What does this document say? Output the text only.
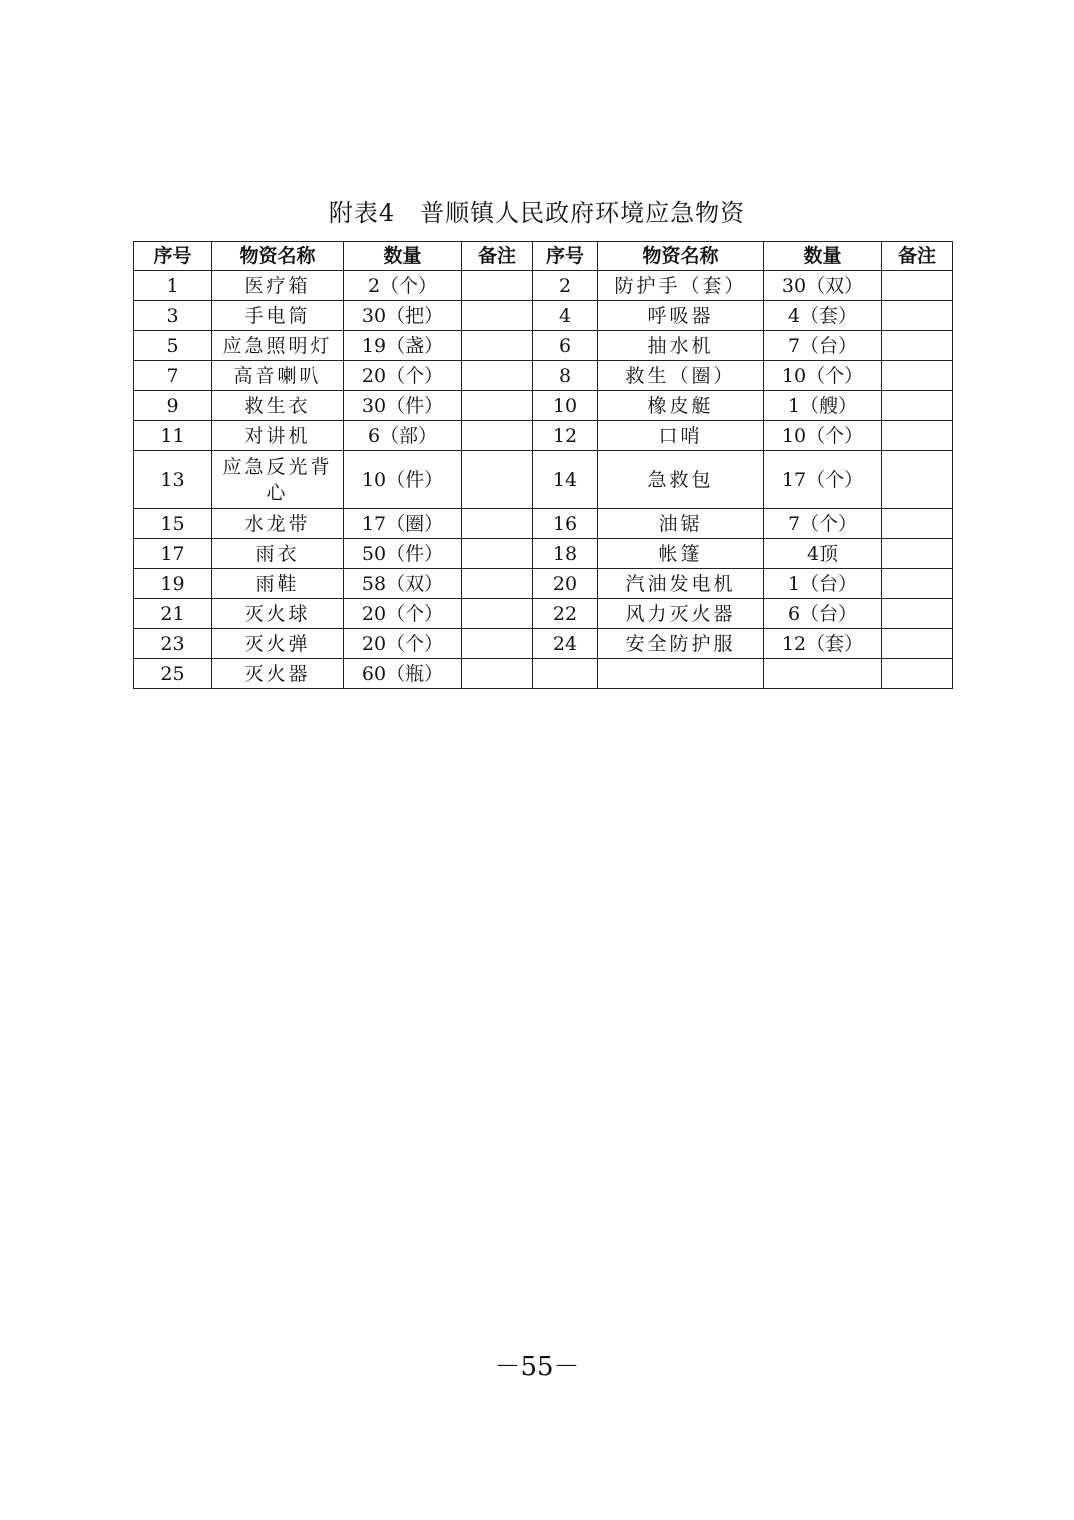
附表4　普顺镇人民政府环境应急物资
序号	物资名称	数量	备注	序号	物资名称	数量	备注
1	医疗箱	2（个）		2	防护手（套）	30（双）	
3	手电筒	30（把）		4	呼吸器	4（套）	
5	应急照明灯	19（盏）		6	抽水机	7（台）	
7	高音喇叭	20（个）		8	救生（圈）	10（个）	
9	救生衣	30（件）		10	橡皮艇	1（艘）	
11	对讲机	6（部）		12	口哨	10（个）	
13	应急反光背心	10（件）		14	急救包	17（个）	
15	水龙带	17（圈）		16	油锯	7（个）	
17	雨衣	50（件）		18	帐篷	4顶	
19	雨鞋	58（双）		20	汽油发电机	1（台）	
21	灭火球	20（个）		22	风力灭火器	6（台）	
23	灭火弹	20（个）		24	安全防护服	12（套）	
25	灭火器	60（瓶）					
－55－
